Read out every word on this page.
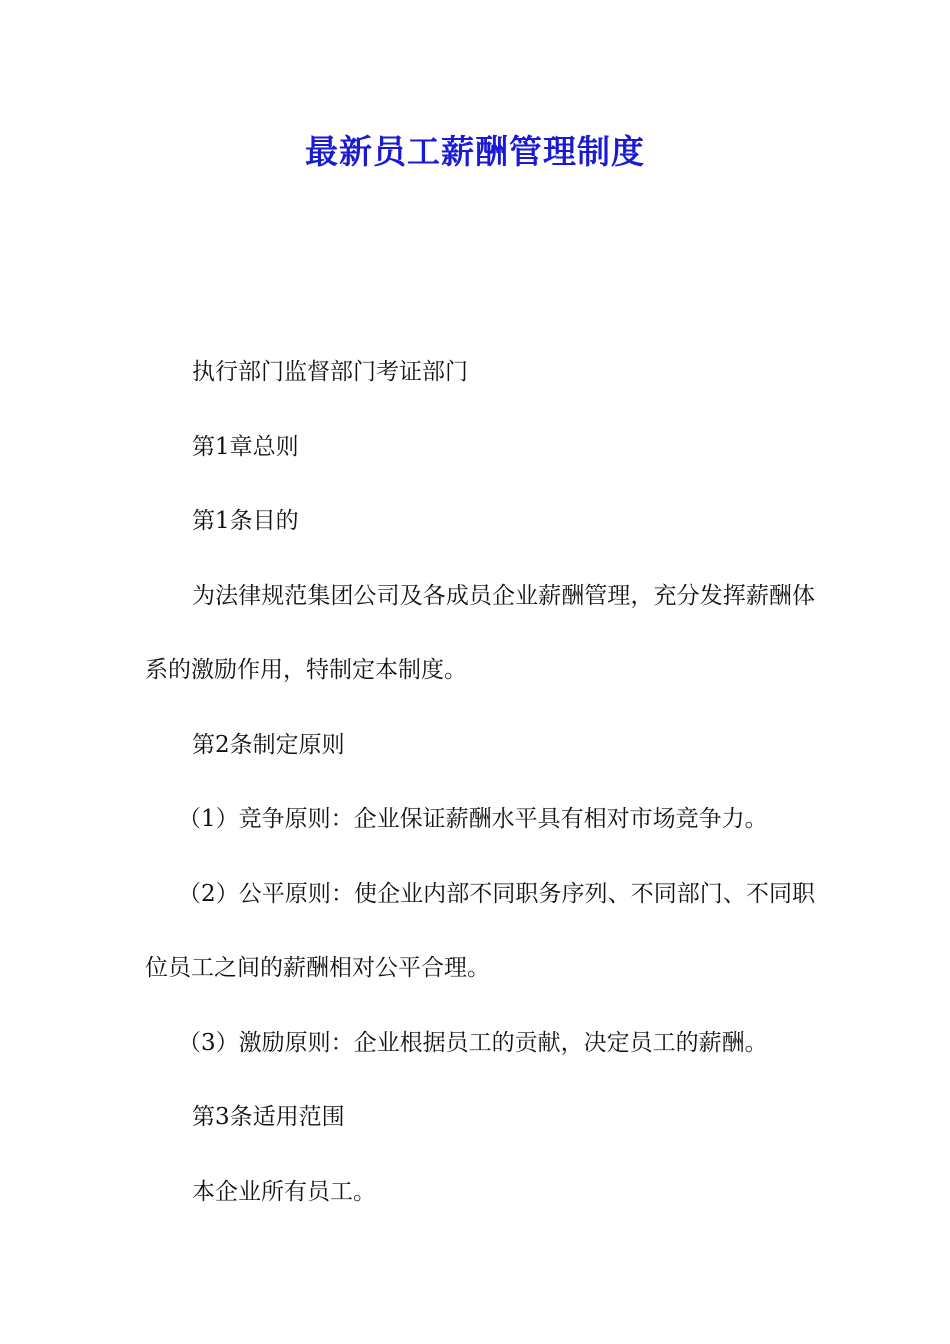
最新员工薪酬管理制度

执行部门监督部门考证部门

第1章总则

第1条目的

为法律规范集团公司及各成员企业薪酬管理，充分发挥薪酬体系的激励作用，特制定本制度。

第2条制定原则

（1）竞争原则：企业保证薪酬水平具有相对市场竞争力。

（2）公平原则：使企业内部不同职务序列、不同部门、不同职位员工之间的薪酬相对公平合理。

（3）激励原则：企业根据员工的贡献，决定员工的薪酬。

第3条适用范围

本企业所有员工。
